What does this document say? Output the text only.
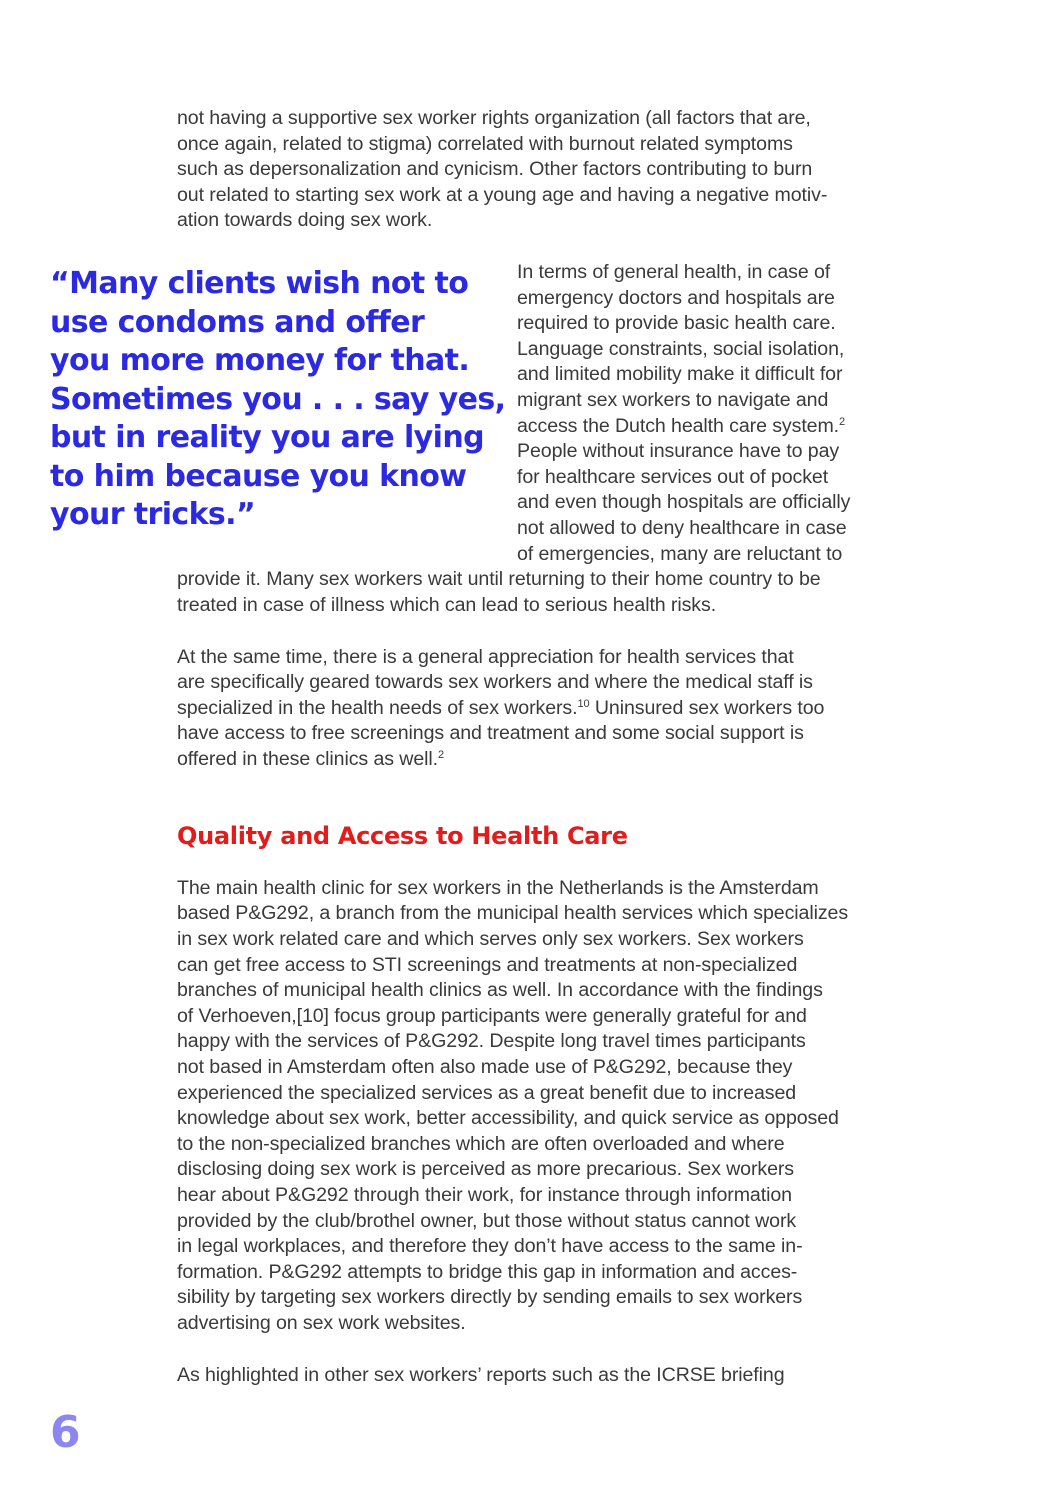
not having a supportive sex worker rights organization (all factors that are,
once again, related to stigma) correlated with burnout related symptoms
such as depersonalization and cynicism. Other factors contributing to burn
out related to starting sex work at a young age and having a negative motiv-
ation towards doing sex work.
“Many clients wish not to
use condoms and offer
you more money for that.
Sometimes you . . . say yes,
but in reality you are lying
to him because you know
your tricks.”
In terms of general health, in case of
emergency doctors and hospitals are
required to provide basic health care.
Language constraints, social isolation,
and limited mobility make it difficult for
migrant sex workers to navigate and
access the Dutch health care system.$^2$
People without insurance have to pay
for healthcare services out of pocket
and even though hospitals are officially
not allowed to deny healthcare in case
of emergencies, many are reluctant to
provide it. Many sex workers wait until returning to their home country to be
treated in case of illness which can lead to serious health risks.
At the same time, there is a general appreciation for health services that
are specifically geared towards sex workers and where the medical staff is
specialized in the health needs of sex workers.$^{10}$ Uninsured sex workers too
have access to free screenings and treatment and some social support is
offered in these clinics as well.$^2$
Quality and Access to Health Care
The main health clinic for sex workers in the Netherlands is the Amsterdam
based P&G292, a branch from the municipal health services which specializes
in sex work related care and which serves only sex workers. Sex workers
can get free access to STI screenings and treatments at non-specialized
branches of municipal health clinics as well. In accordance with the findings
of Verhoeven,[10] focus group participants were generally grateful for and
happy with the services of P&G292. Despite long travel times participants
not based in Amsterdam often also made use of P&G292, because they
experienced the specialized services as a great benefit due to increased
knowledge about sex work, better accessibility, and quick service as opposed
to the non-specialized branches which are often overloaded and where
disclosing doing sex work is perceived as more precarious. Sex workers
hear about P&G292 through their work, for instance through information
provided by the club/brothel owner, but those without status cannot work
in legal workplaces, and therefore they don’t have access to the same in-
formation. P&G292 attempts to bridge this gap in information and acces-
sibility by targeting sex workers directly by sending emails to sex workers
advertising on sex work websites.
As highlighted in other sex workers’ reports such as the ICRSE briefing
6
